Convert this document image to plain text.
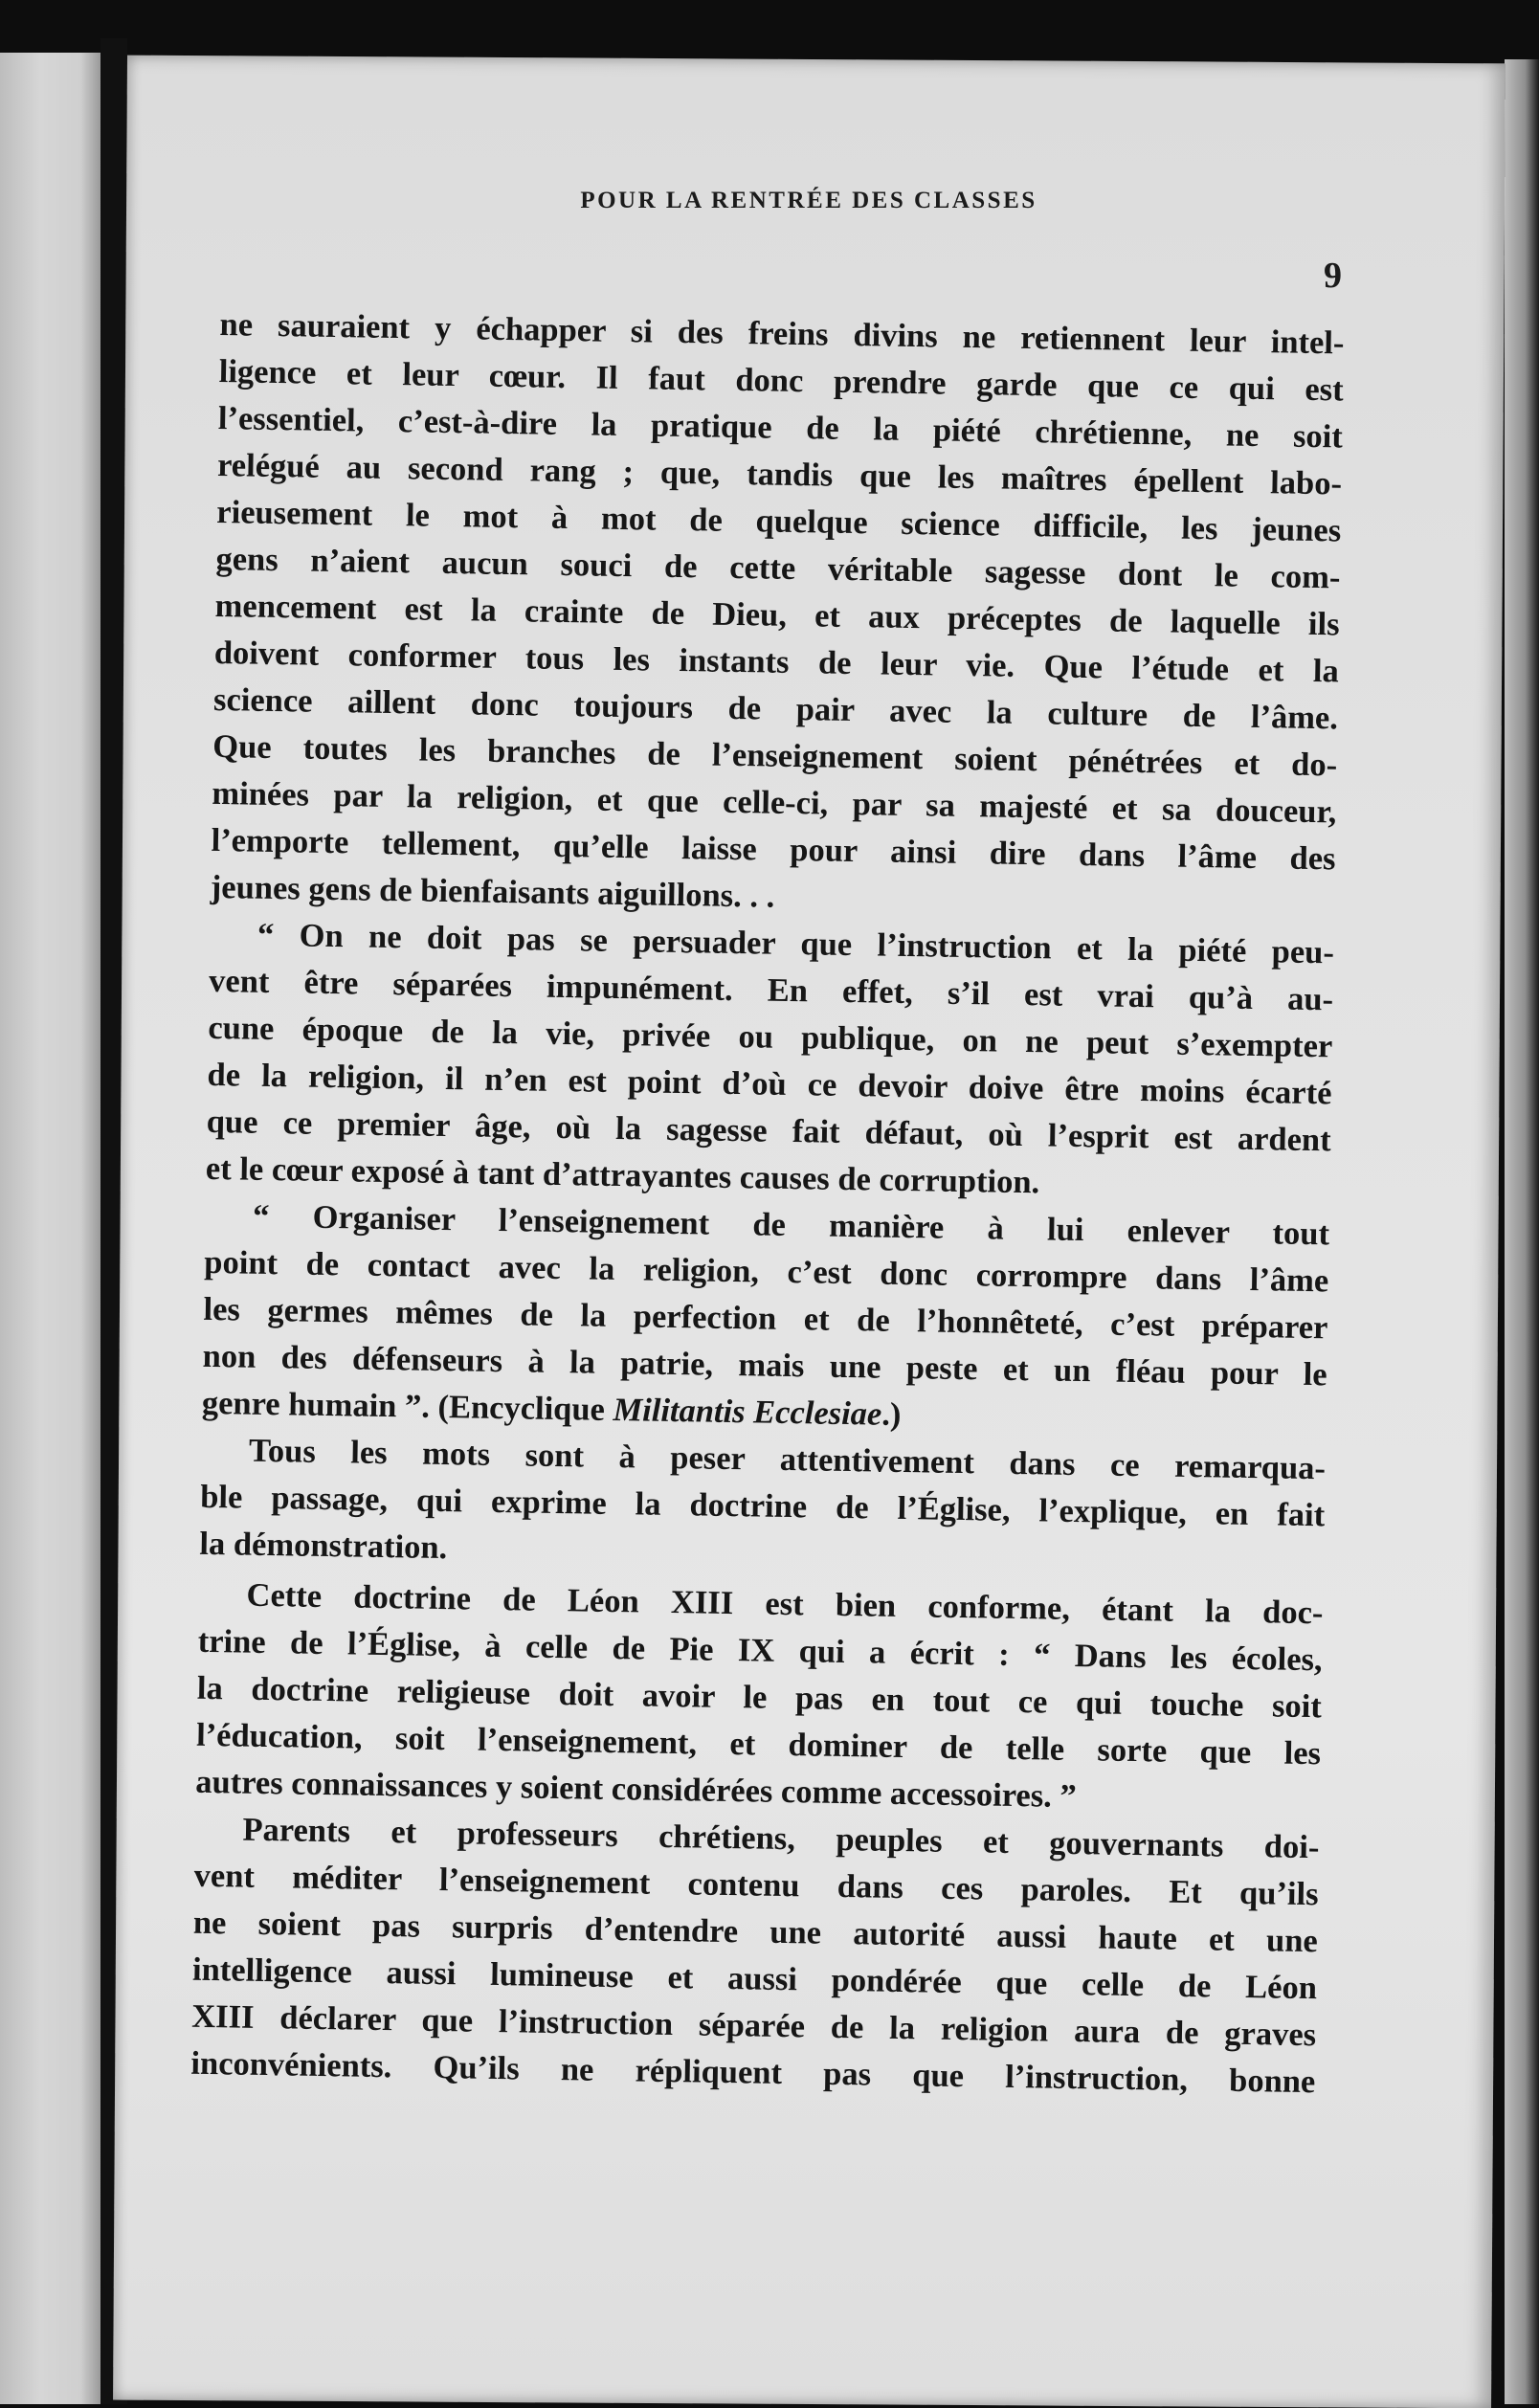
POUR LA RENTRÉE DES CLASSES
9
ne sauraient y échapper si des freins divins ne retiennent leur intel-
ligence et leur cœur. Il faut donc prendre garde que ce qui est
l’essentiel, c’est-à-dire la pratique de la piété chrétienne, ne soit
relégué au second rang ; que, tandis que les maîtres épellent labo-
rieusement le mot à mot de quelque science difficile, les jeunes
gens n’aient aucun souci de cette véritable sagesse dont le com-
mencement est la crainte de Dieu, et aux préceptes de laquelle ils
doivent conformer tous les instants de leur vie. Que l’étude et la
science aillent donc toujours de pair avec la culture de l’âme.
Que toutes les branches de l’enseignement soient pénétrées et do-
minées par la religion, et que celle-ci, par sa majesté et sa douceur,
l’emporte tellement, qu’elle laisse pour ainsi dire dans l’âme des
jeunes gens de bienfaisants aiguillons. . .
“ On ne doit pas se persuader que l’instruction et la piété peu-
vent être séparées impunément. En effet, s’il est vrai qu’à au-
cune époque de la vie, privée ou publique, on ne peut s’exempter
de la religion, il n’en est point d’où ce devoir doive être moins écarté
que ce premier âge, où la sagesse fait défaut, où l’esprit est ardent
et le cœur exposé à tant d’attrayantes causes de corruption.
“ Organiser l’enseignement de manière à lui enlever tout
point de contact avec la religion, c’est donc corrompre dans l’âme
les germes mêmes de la perfection et de l’honnêteté, c’est préparer
non des défenseurs à la patrie, mais une peste et un fléau pour le
genre humain ”. (Encyclique Militantis Ecclesiae.)
Tous les mots sont à peser attentivement dans ce remarqua-
ble passage, qui exprime la doctrine de l’Église, l’explique, en fait
la démonstration.
Cette doctrine de Léon XIII est bien conforme, étant la doc-
trine de l’Église, à celle de Pie IX qui a écrit : “ Dans les écoles,
la doctrine religieuse doit avoir le pas en tout ce qui touche soit
l’éducation, soit l’enseignement, et dominer de telle sorte que les
autres connaissances y soient considérées comme accessoires. ”
Parents et professeurs chrétiens, peuples et gouvernants doi-
vent méditer l’enseignement contenu dans ces paroles. Et qu’ils
ne soient pas surpris d’entendre une autorité aussi haute et une
intelligence aussi lumineuse et aussi pondérée que celle de Léon
XIII déclarer que l’instruction séparée de la religion aura de graves
inconvénients. Qu’ils ne répliquent pas que l’instruction, bonne
